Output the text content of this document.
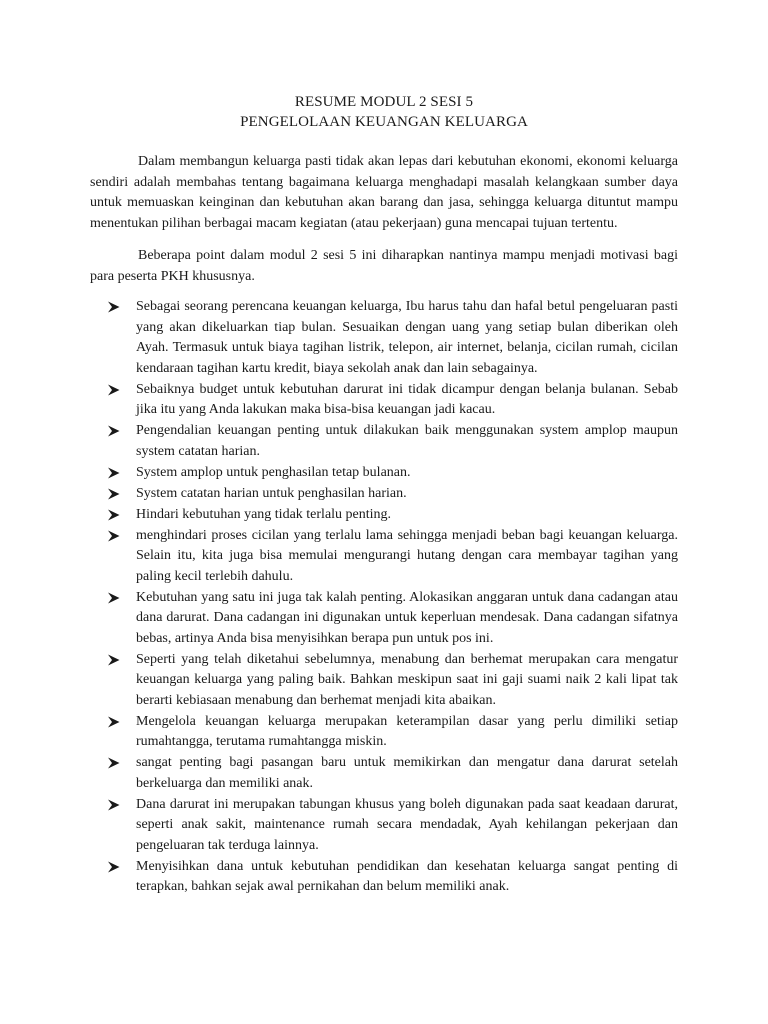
RESUME MODUL 2 SESI 5

PENGELOLAAN KEUANGAN KELUARGA

Dalam membangun keluarga pasti tidak akan lepas dari kebutuhan ekonomi, ekonomi keluarga sendiri adalah membahas tentang bagaimana keluarga menghadapi masalah kelangkaan sumber daya untuk memuaskan keinginan dan kebutuhan akan barang dan jasa, sehingga keluarga dituntut mampu menentukan pilihan berbagai macam kegiatan (atau pekerjaan) guna mencapai tujuan tertentu.

Beberapa point dalam modul 2 sesi 5 ini diharapkan nantinya mampu menjadi motivasi bagi para peserta PKH khususnya.

Sebagai seorang perencana keuangan keluarga, Ibu harus tahu dan hafal betul pengeluaran pasti yang akan dikeluarkan tiap bulan. Sesuaikan dengan uang yang setiap bulan diberikan oleh Ayah. Termasuk untuk biaya tagihan listrik, telepon, air internet, belanja, cicilan rumah, cicilan kendaraan tagihan kartu kredit, biaya sekolah anak dan lain sebagainya.
Sebaiknya budget untuk kebutuhan darurat ini tidak dicampur dengan belanja bulanan. Sebab jika itu yang Anda lakukan maka bisa-bisa keuangan jadi kacau.
Pengendalian keuangan penting untuk dilakukan baik menggunakan system amplop maupun system catatan harian.
System amplop untuk penghasilan tetap bulanan.
System catatan harian untuk penghasilan harian.
Hindari kebutuhan yang tidak terlalu penting.
menghindari proses cicilan yang terlalu lama sehingga menjadi beban bagi keuangan keluarga. Selain itu, kita juga bisa memulai mengurangi hutang dengan cara membayar tagihan yang paling kecil terlebih dahulu.
Kebutuhan yang satu ini juga tak kalah penting. Alokasikan anggaran untuk dana cadangan atau dana darurat. Dana cadangan ini digunakan untuk keperluan mendesak. Dana cadangan sifatnya bebas, artinya Anda bisa menyisihkan berapa pun untuk pos ini.
Seperti yang telah diketahui sebelumnya, menabung dan berhemat merupakan cara mengatur keuangan keluarga yang paling baik. Bahkan meskipun saat ini gaji suami naik 2 kali lipat tak berarti kebiasaan menabung dan berhemat menjadi kita abaikan.
Mengelola keuangan keluarga merupakan keterampilan dasar yang perlu dimiliki setiap rumahtangga, terutama rumahtangga miskin.
sangat penting bagi pasangan baru untuk memikirkan dan mengatur dana darurat setelah berkeluarga dan memiliki anak.
Dana darurat ini merupakan tabungan khusus yang boleh digunakan pada saat keadaan darurat, seperti anak sakit, maintenance rumah secara mendadak, Ayah kehilangan pekerjaan dan pengeluaran tak terduga lainnya.
Menyisihkan dana untuk kebutuhan pendidikan dan kesehatan keluarga sangat penting di terapkan, bahkan sejak awal pernikahan dan belum memiliki anak.
